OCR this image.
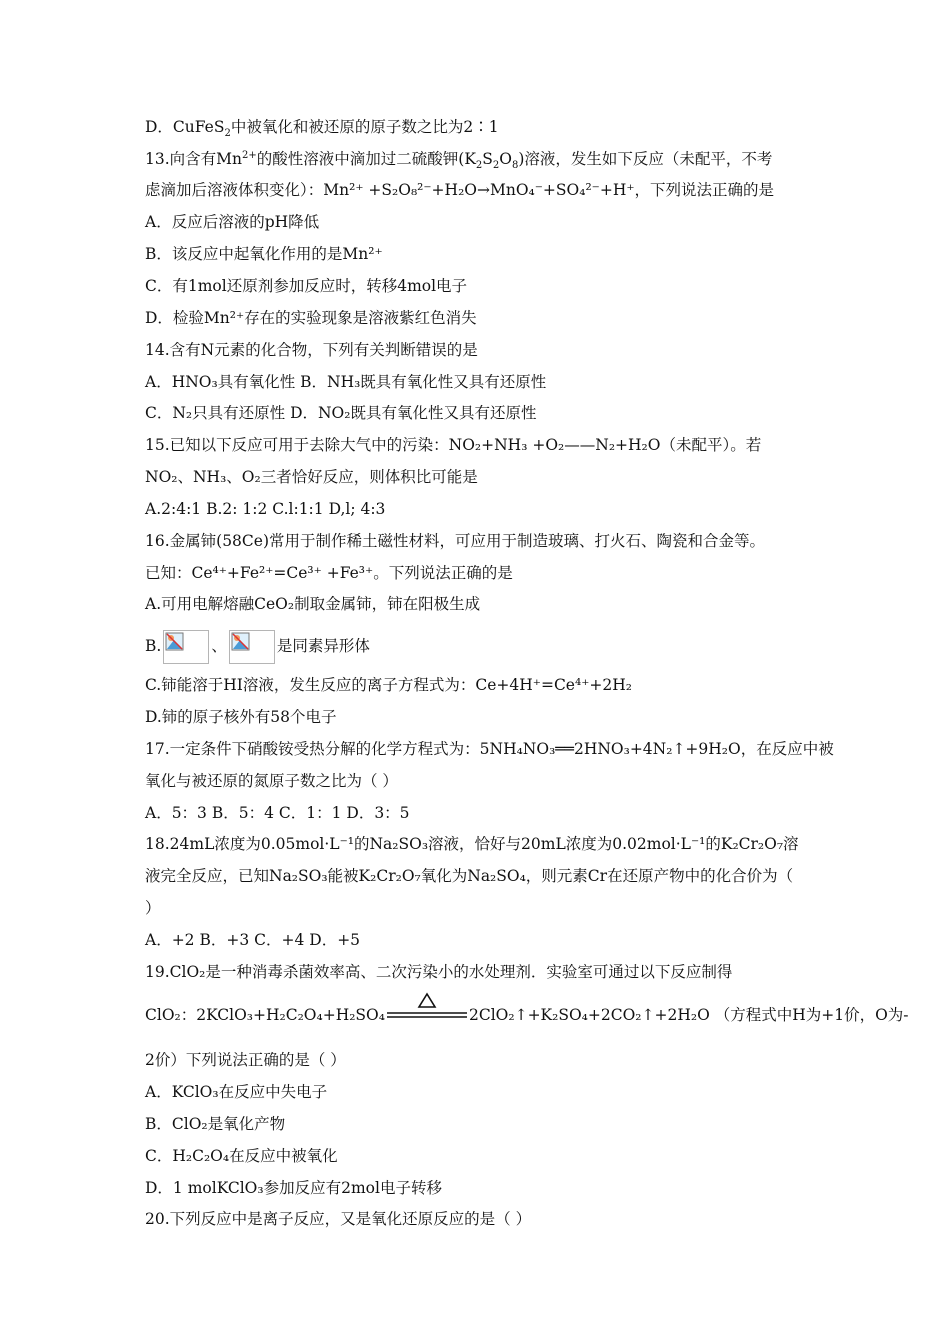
D．CuFeS$_2$中被氧化和被还原的原子数之比为2∶1
13.向含有$Mn^{2+}$的酸性溶液中滴加过二硫酸钾$(K_2S_2O_8)$溶液，发生如下反应（未配平，不考
虑滴加后溶液体积变化）：Mn²⁺ +S₂O₈²⁻+H₂O→MnO₄⁻+SO₄²⁻+H⁺，下列说法正确的是
A．反应后溶液的pH降低
B．该反应中起氧化作用的是Mn²⁺
C．有1mol还原剂参加反应时，转移4mol电子
D．检验Mn²⁺存在的实验现象是溶液紫红色消失
14.含有N元素的化合物，下列有关判断错误的是
A．HNO₃具有氧化性 B．NH₃既具有氧化性又具有还原性
C．N₂只具有还原性 D．NO₂既具有氧化性又具有还原性
15.已知以下反应可用于去除大气中的污染：NO₂+NH₃ +O₂——N₂+H₂O（未配平）。若
NO₂、NH₃、O₂三者恰好反应，则体积比可能是
A.2:4:1 B.2: 1:2 C.l:1:1 D,l; 4:3
16.金属铈(58Ce)常用于制作稀土磁性材料，可应用于制造玻璃、打火石、陶瓷和合金等。
已知：Ce⁴⁺+Fe²⁺=Ce³⁺ +Fe³⁺。下列说法正确的是
A.可用电解熔融CeO₂制取金属铈，铈在阳极生成
B.	、	是同素异形体
C.铈能溶于HI溶液，发生反应的离子方程式为：Ce+4H⁺=Ce⁴⁺+2H₂
D.铈的原子核外有58个电子
17.一定条件下硝酸铵受热分解的化学方程式为：5NH₄NO₃══2HNO₃+4N₂↑+9H₂O，在反应中被
氧化与被还原的氮原子数之比为（ ）
A．5：3 B．5：4 C．1：1 D．3：5
18.24mL浓度为0.05mol·L⁻¹的Na₂SO₃溶液，恰好与20mL浓度为0.02mol·L⁻¹的K₂Cr₂O₇溶
液完全反应，已知Na₂SO₃能被K₂Cr₂O₇氧化为Na₂SO₄，则元素Cr在还原产物中的化合价为（
）
A．+2 B．+3 C．+4 D．+5
19.ClO₂是一种消毒杀菌效率高、二次污染小的水处理剂．实验室可通过以下反应制得
ClO₂：2KClO₃+H₂C₂O₄+H₂SO₄	2ClO₂↑+K₂SO₄+2CO₂↑+2H₂O （方程式中H为+1价，O为-
2价）下列说法正确的是（ ）
A．KClO₃在反应中失电子
B．ClO₂是氧化产物
C．H₂C₂O₄在反应中被氧化
D．1 molKClO₃参加反应有2mol电子转移
20.下列反应中是离子反应，又是氧化还原反应的是（ ）
